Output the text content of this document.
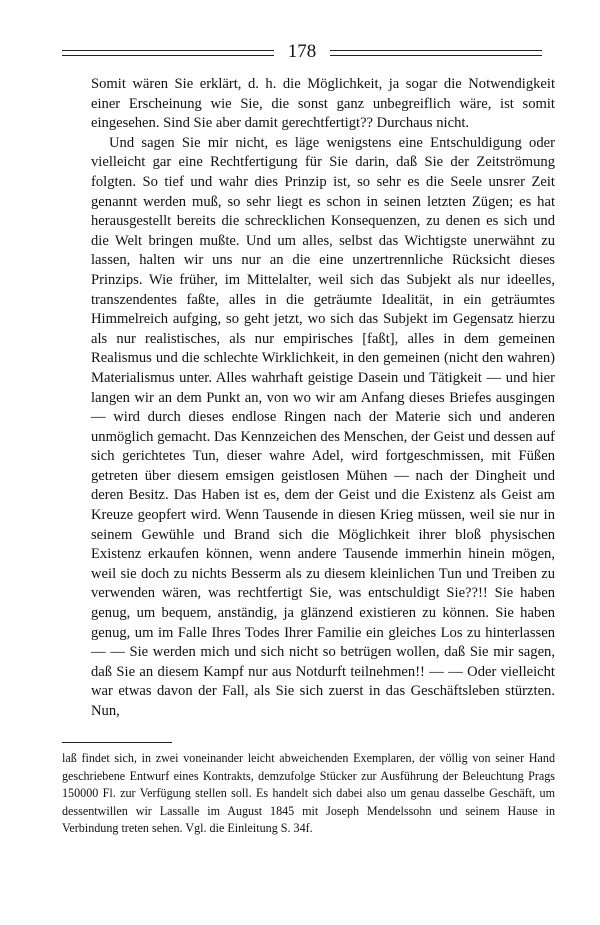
178

Somit wären Sie erklärt, d. h. die Möglichkeit, ja sogar die Notwendigkeit einer Erscheinung wie Sie, die sonst ganz unbegreiflich wäre, ist somit eingesehen. Sind Sie aber damit gerechtfertigt?? Durchaus nicht.

Und sagen Sie mir nicht, es läge wenigstens eine Entschuldigung oder vielleicht gar eine Rechtfertigung für Sie darin, daß Sie der Zeitströmung folgten. So tief und wahr dies Prinzip ist, so sehr es die Seele unsrer Zeit genannt werden muß, so sehr liegt es schon in seinen letzten Zügen; es hat herausgestellt bereits die schrecklichen Konsequenzen, zu denen es sich und die Welt bringen mußte. Und um alles, selbst das Wichtigste unerwähnt zu lassen, halten wir uns nur an die eine unzertrennliche Rücksicht dieses Prinzips. Wie früher, im Mittelalter, weil sich das Subjekt als nur ideelles, transzendentes faßte, alles in die geträumte Idealität, in ein geträumtes Himmelreich aufging, so geht jetzt, wo sich das Subjekt im Gegensatz hierzu als nur realistisches, als nur empirisches [faßt], alles in dem gemeinen Realismus und die schlechte Wirklichkeit, in den gemeinen (nicht den wahren) Materialismus unter. Alles wahrhaft geistige Dasein und Tätigkeit — und hier langen wir an dem Punkt an, von wo wir am Anfang dieses Briefes ausgingen — wird durch dieses endlose Ringen nach der Materie sich und anderen unmöglich gemacht. Das Kennzeichen des Menschen, der Geist und dessen auf sich gerichtetes Tun, dieser wahre Adel, wird fortgeschmissen, mit Füßen getreten über diesem emsigen geistlosen Mühen — nach der Dingheit und deren Besitz. Das Haben ist es, dem der Geist und die Existenz als Geist am Kreuze geopfert wird. Wenn Tausende in diesen Krieg müssen, weil sie nur in seinem Gewühle und Brand sich die Möglichkeit ihrer bloß physischen Existenz erkaufen können, wenn andere Tausende immerhin hinein mögen, weil sie doch zu nichts Besserm als zu diesem kleinlichen Tun und Treiben zu verwenden wären, was rechtfertigt Sie, was entschuldigt Sie??!! Sie haben genug, um bequem, anständig, ja glänzend existieren zu können. Sie haben genug, um im Falle Ihres Todes Ihrer Familie ein gleiches Los zu hinterlassen — — Sie werden mich und sich nicht so betrügen wollen, daß Sie mir sagen, daß Sie an diesem Kampf nur aus Notdurft teilnehmen!! — — Oder vielleicht war etwas davon der Fall, als Sie sich zuerst in das Geschäftsleben stürzten. Nun,

laß findet sich, in zwei voneinander leicht abweichenden Exemplaren, der völlig von seiner Hand geschriebene Entwurf eines Kontrakts, demzufolge Stücker zur Ausführung der Beleuchtung Prags 150000 Fl. zur Verfügung stellen soll. Es handelt sich dabei also um genau dasselbe Geschäft, um dessentwillen wir Lassalle im August 1845 mit Joseph Mendelssohn und seinem Hause in Verbindung treten sehen. Vgl. die Einleitung S. 34f.
